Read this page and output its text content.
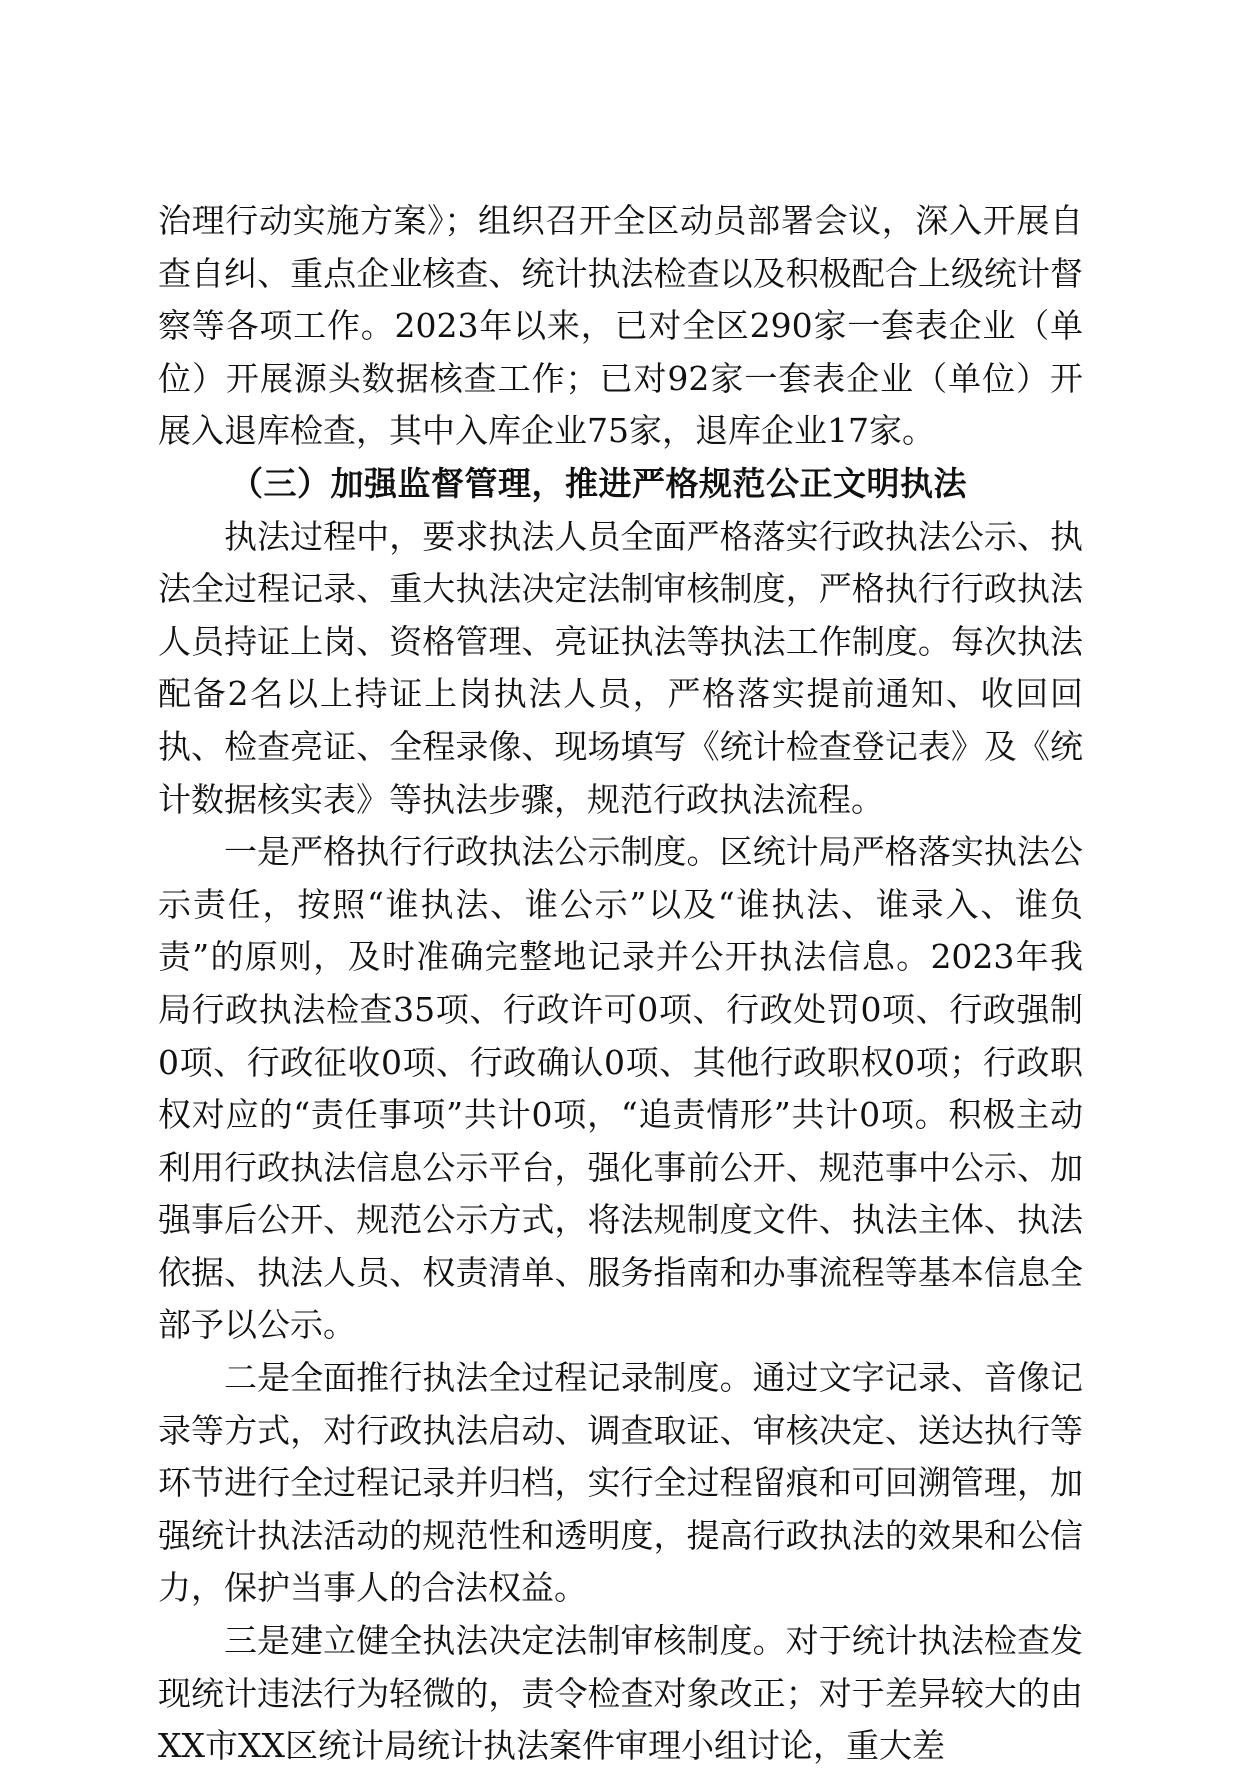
治理行动实施方案》；组织召开全区动员部署会议，深入开展自查自纠、重点企业核查、统计执法检查以及积极配合上级统计督察等各项工作。2023年以来，已对全区290家一套表企业（单位）开展源头数据核查工作；已对92家一套表企业（单位）开展入退库检查，其中入库企业75家，退库企业17家。

（三）加强监督管理，推进严格规范公正文明执法

执法过程中，要求执法人员全面严格落实行政执法公示、执法全过程记录、重大执法决定法制审核制度，严格执行行政执法人员持证上岗、资格管理、亮证执法等执法工作制度。每次执法配备2名以上持证上岗执法人员，严格落实提前通知、收回回执、检查亮证、全程录像、现场填写《统计检查登记表》及《统计数据核实表》等执法步骤，规范行政执法流程。

一是严格执行行政执法公示制度。区统计局严格落实执法公示责任，按照“谁执法、谁公示”以及“谁执法、谁录入、谁负责”的原则，及时准确完整地记录并公开执法信息。2023年我局行政执法检查35项、行政许可0项、行政处罚0项、行政强制0项、行政征收0项、行政确认0项、其他行政职权0项；行政职权对应的“责任事项”共计0项，“追责情形”共计0项。积极主动利用行政执法信息公示平台，强化事前公开、规范事中公示、加强事后公开、规范公示方式，将法规制度文件、执法主体、执法依据、执法人员、权责清单、服务指南和办事流程等基本信息全部予以公示。

二是全面推行执法全过程记录制度。通过文字记录、音像记录等方式，对行政执法启动、调查取证、审核决定、送达执行等环节进行全过程记录并归档，实行全过程留痕和可回溯管理，加强统计执法活动的规范性和透明度，提高行政执法的效果和公信力，保护当事人的合法权益。

三是建立健全执法决定法制审核制度。对于统计执法检查发现统计违法行为轻微的，责令检查对象改正；对于差异较大的由XX市XX区统计局统计执法案件审理小组讨论，重大差
